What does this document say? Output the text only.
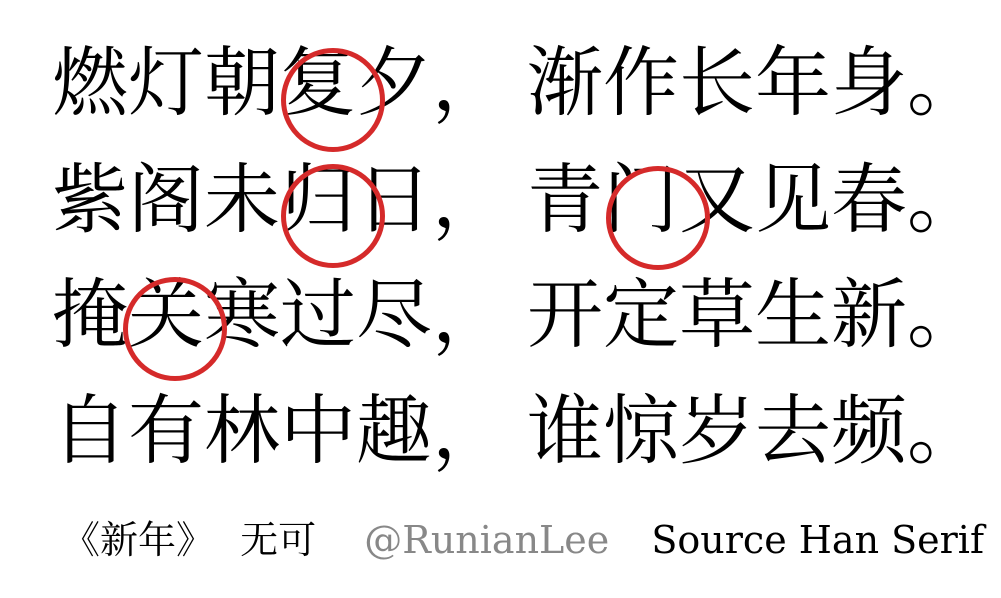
燃灯朝复夕， 渐作长年身。
紫阁未归日， 青门又见春。
掩关寒过尽， 开定草生新。
自有林中趣， 谁惊岁去频。
《新年》 无可 @RunianLee Source Han Serif
